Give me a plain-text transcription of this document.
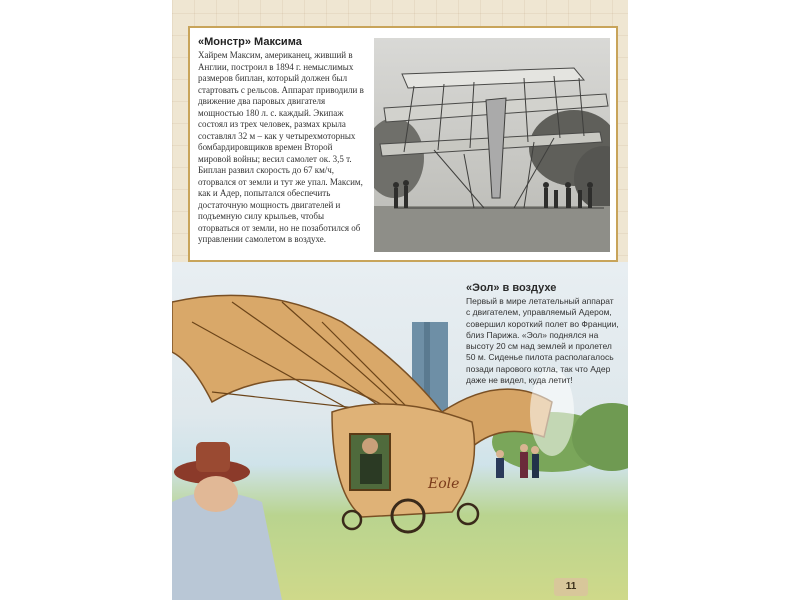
«Монстр» Максима

Хайрем Максим, американец, живший в Англии, построил в 1894 г. немыслимых размеров биплан, который должен был стартовать с рельсов. Аппарат приводили в движение два паровых двигателя мощностью 180 л. с. каждый. Экипаж состоял из трех человек, размах крыла составлял 32 м – как у четырехмоторных бомбардировщиков времен Второй мировой войны; весил самолет ок. 3,5 т. Биплан развил скорость до 67 км/ч, оторвался от земли и тут же упал. Максим, как и Адер, попытался обеспечить достаточную мощность двигателей и подъемную силу крыльев, чтобы оторваться от земли, но не позаботился об управлении самолетом в воздухе.

Eole
11
«Эол» в воздухе

Первый в мире летательный аппарат с двигателем, управляемый Адером, совершил короткий полет во Франции, близ Парижа. «Эол» поднялся на высоту 20 см над землей и пролетел 50 м. Сиденье пилота располагалось позади парового котла, так что Адер даже не видел, куда летит!
